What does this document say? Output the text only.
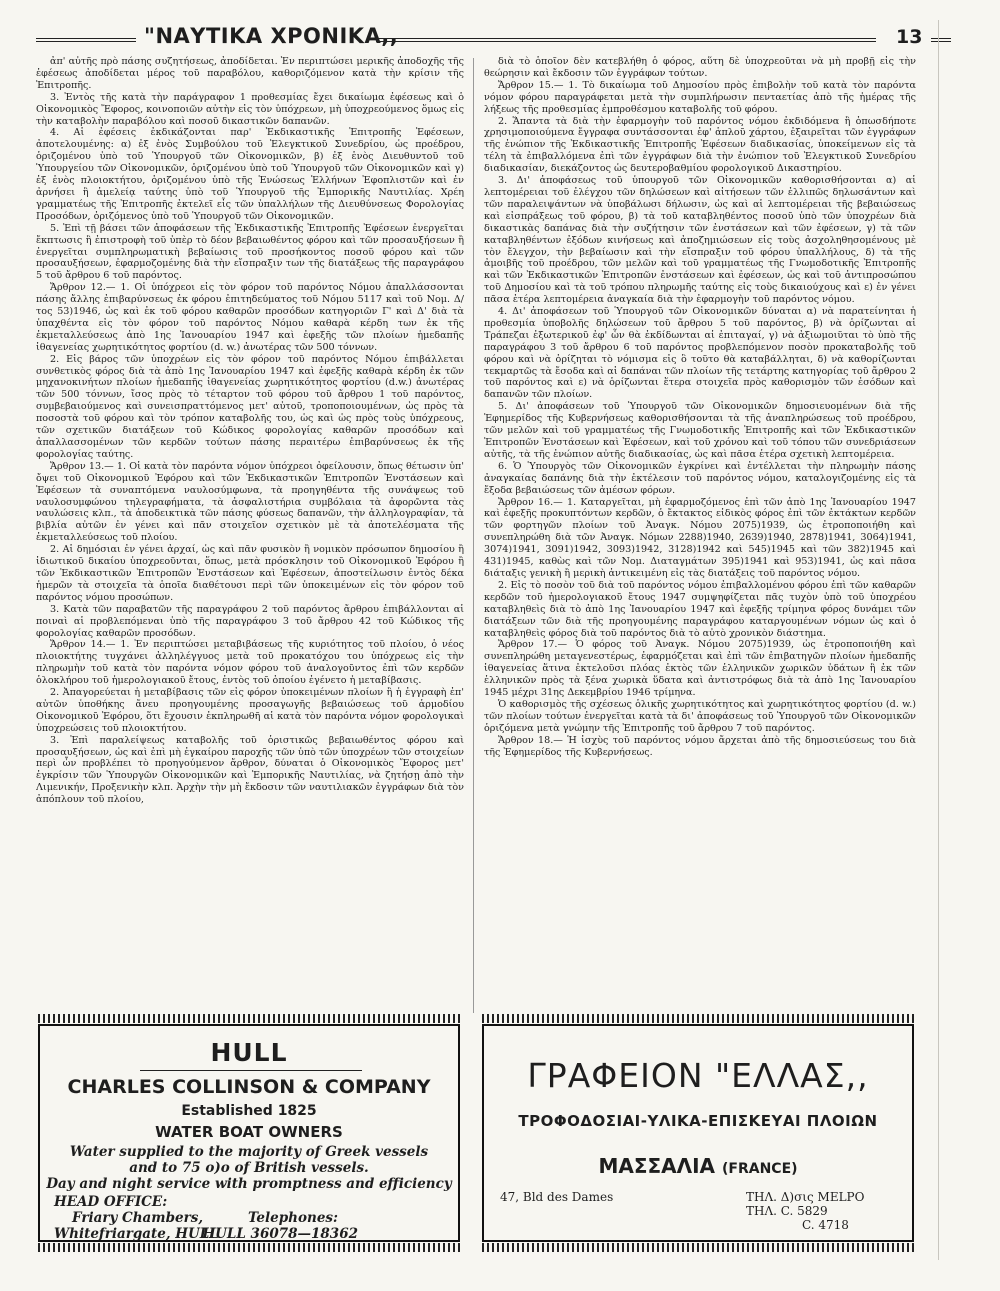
"ΝΑΥΤΙΚΑ ΧΡΟΝΙΚΑ,,	13

ἀπ' αὐτῆς πρὸ πάσης συζητήσεως, ἀποδίδεται. Ἐν περιπτώσει μερικῆς ἀποδοχῆς τῆς ἐφέσεως ἀποδίδεται μέρος τοῦ παραβόλου, καθοριζόμενον κατὰ τὴν κρίσιν τῆς Ἐπιτροπῆς.

3. Ἐντὸς τῆς κατὰ τὴν παράγραφον 1 προθεσμίας ἔχει δικαίωμα ἐφέσεως καὶ ὁ Οἰκονομικὸς Ἔφορος, κοινοποιῶν αὐτὴν εἰς τὸν ὑπόχρεων, μὴ ὑποχρεούμενος ὅμως εἰς τὴν καταβολὴν παραβόλου καὶ ποσοῦ δικαστικῶν δαπανῶν.

4. Αἱ ἐφέσεις ἐκδικάζονται παρ' Ἐκδικαστικῆς Ἐπιτροπῆς Ἐφέσεων, ἀποτελουμένης: α) ἐξ ἑνὸς Συμβούλου τοῦ Ἐλεγκτικοῦ Συνεδρίου, ὡς προέδρου, ὁριζομένου ὑπὸ τοῦ Ὑπουργοῦ τῶν Οἰκονομικῶν, β) ἐξ ἑνὸς Διευθυντοῦ τοῦ Ὑπουργείου τῶν Οἰκονομικῶν, ὁριζομένου ὑπὸ τοῦ Ὑπουργοῦ τῶν Οἰκονομικῶν καὶ γ) ἐξ ἑνὸς πλοιοκτήτου, ὁριζομένου ὑπὸ τῆς Ἑνώσεως Ἑλλήνων Ἐφοπλιστῶν καὶ ἐν ἀρνήσει ἢ ἀμελείᾳ ταύτης ὑπὸ τοῦ Ὑπουργοῦ τῆς Ἐμπορικῆς Ναυτιλίας. Χρέη γραμματέως τῆς Ἐπιτροπῆς ἐκτελεῖ εἷς τῶν ὑπαλλήλων τῆς Διευθύνσεως Φορολογίας Προσόδων, ὁριζόμενος ὑπὸ τοῦ Ὑπουργοῦ τῶν Οἰκονομικῶν.

5. Ἐπὶ τῇ βάσει τῶν ἀποφάσεων τῆς Ἐκδικαστικῆς Ἐπιτροπῆς Ἐφέσεων ἐνεργεῖται ἔκπτωσις ἢ ἐπιστροφὴ τοῦ ὑπὲρ τὸ δέον βεβαιωθέντος φόρου καὶ τῶν προσαυξήσεων ἢ ἐνεργεῖται συμπληρωματικὴ βεβαίωσις τοῦ προσήκοντος ποσοῦ φόρου καὶ τῶν προσαυξήσεων, ἐφαρμοζομένης διὰ τὴν εἴσπραξιν των τῆς διατάξεως τῆς παραγράφου 5 τοῦ ἄρθρου 6 τοῦ παρόντος.

Ἄρθρον 12.— 1. Οἱ ὑπόχρεοι εἰς τὸν φόρον τοῦ παρόντος Νόμου ἀπαλλάσσονται πάσης ἄλλης ἐπιβαρύνσεως ἐκ φόρου ἐπιτηδεύματος τοῦ Νόμου 5117 καὶ τοῦ Νομ. Δ/τος 53)1946, ὡς καὶ ἐκ τοῦ φόρου καθαρῶν προσόδων κατηγοριῶν Γ' καὶ Δ' διὰ τὰ ὑπαχθέντα εἰς τὸν φόρον τοῦ παρόντος Νόμου καθαρὰ κέρδη των ἐκ τῆς ἐκμεταλλεύσεως ἀπὸ 1ης Ἰανουαρίου 1947 καὶ ἐφεξῆς τῶν πλοίων ἡμεδαπῆς ἰθαγενείας χωρητικότητος φορτίου (d. w.) ἀνωτέρας τῶν 500 τόννων.

2. Εἰς βάρος τῶν ὑποχρέων εἰς τὸν φόρον τοῦ παρόντος Νόμου ἐπιβάλλεται συνθετικὸς φόρος διὰ τὰ ἀπὸ 1ης Ἰανουαρίου 1947 καὶ ἐφεξῆς καθαρὰ κέρδη ἐκ τῶν μηχανοκινήτων πλοίων ἡμεδαπῆς ἰθαγενείας χωρητικότητος φορτίου (d.w.) ἀνωτέρας τῶν 500 τόννων, ἴσος πρὸς τὸ τέταρτον τοῦ φόρου τοῦ ἄρθρου 1 τοῦ παρόντος, συμβεβαιούμενος καὶ συνεισπραττόμενος μετ' αὐτοῦ, τροποποιουμένων, ὡς πρὸς τὰ ποσοστὰ τοῦ φόρου καὶ τὸν τρόπον καταβολῆς του, ὡς καὶ ὡς πρὸς τοὺς ὑπόχρεους, τῶν σχετικῶν διατάξεων τοῦ Κώδικος φορολογίας καθαρῶν προσόδων καὶ ἀπαλλασσομένων τῶν κερδῶν τούτων πάσης περαιτέρω ἐπιβαρύνσεως ἐκ τῆς φορολογίας ταύτης.

Ἄρθρον 13.— 1. Οἱ κατὰ τὸν παρόντα νόμον ὑπόχρεοι ὀφείλουσιν, ὅπως θέτωσιν ὑπ' ὄψει τοῦ Οἰκονομικοῦ Ἐφόρου καὶ τῶν Ἐκδικαστικῶν Ἐπιτροπῶν Ἐνστάσεων καὶ Ἐφέσεων τὰ συναπτόμενα ναυλοσύμφωνα, τὰ προηγηθέντα τῆς συνάψεως τοῦ ναυλοσυμφώνου τηλεγραφήματα, τὰ ἀσφαλιστήρια συμβόλαια τὰ ἀφορῶντα τὰς ναυλώσεις κλπ., τὰ ἀποδεικτικὰ τῶν πάσης φύσεως δαπανῶν, τὴν ἀλληλογραφίαν, τὰ βιβλία αὐτῶν ἐν γένει καὶ πᾶν στοιχεῖον σχετικὸν μὲ τὰ ἀποτελέσματα τῆς ἐκμεταλλεύσεως τοῦ πλοίου.

2. Αἱ δημόσιαι ἐν γένει ἀρχαί, ὡς καὶ πᾶν φυσικὸν ἢ νομικὸν πρόσωπον δημοσίου ἢ ἰδιωτικοῦ δικαίου ὑποχρεοῦνται, ὅπως, μετὰ πρόσκλησιν τοῦ Οἰκονομικοῦ Ἐφόρου ἢ τῶν Ἐκδικαστικῶν Ἐπιτροπῶν Ἐνστάσεων καὶ Ἐφέσεων, ἀποστείλωσιν ἐντὸς δέκα ἡμερῶν τὰ στοιχεῖα τὰ ὁποῖα διαθέτουσι περὶ τῶν ὑποκειμένων εἰς τὸν φόρον τοῦ παρόντος νόμου προσώπων.

3. Κατὰ τῶν παραβατῶν τῆς παραγράφου 2 τοῦ παρόντος ἄρθρου ἐπιβάλλονται αἱ ποιναὶ αἱ προβλεπόμεναι ὑπὸ τῆς παραγράφου 3 τοῦ ἄρθρου 42 τοῦ Κώδικος τῆς φορολογίας καθαρῶν προσόδων.

Ἄρθρον 14.— 1. Ἐν περιπτώσει μεταβιβάσεως τῆς κυριότητος τοῦ πλοίου, ὁ νέος πλοιοκτήτης τυγχάνει ἀλληλέγγυος μετὰ τοῦ προκατόχου του ὑπόχρεως εἰς τὴν πληρωμὴν τοῦ κατὰ τὸν παρόντα νόμον φόρου τοῦ ἀναλογοῦντος ἐπὶ τῶν κερδῶν ὁλοκλήρου τοῦ ἡμερολογιακοῦ ἔτους, ἐντὸς τοῦ ὁποίου ἐγένετο ἡ μεταβίβασις.

2. Ἀπαγορεύεται ἡ μεταβίβασις τῶν εἰς φόρον ὑποκειμένων πλοίων ἢ ἡ ἐγγραφὴ ἐπ' αὐτῶν ὑποθήκης ἄνευ προηγουμένης προσαγωγῆς βεβαιώσεως τοῦ ἁρμοδίου Οἰκονομικοῦ Ἐφόρου, ὅτι ἔχουσιν ἐκπληρωθῆ αἱ κατὰ τὸν παρόντα νόμον φορολογικαὶ ὑποχρεώσεις τοῦ πλοιοκτήτου.

3. Ἐπὶ παραλείψεως καταβολῆς τοῦ ὁριστικῶς βεβαιωθέντος φόρου καὶ προσαυξήσεων, ὡς καὶ ἐπὶ μὴ ἐγκαίρου παροχῆς τῶν ὑπὸ τῶν ὑποχρέων τῶν στοιχείων περὶ ὧν προβλέπει τὸ προηγούμενον ἄρθρον, δύναται ὁ Οἰκονομικὸς Ἔφορος μετ' ἐγκρίσιν τῶν Ὑπουργῶν Οἰκονομικῶν καὶ Ἐμπορικῆς Ναυτιλίας, νὰ ζητήσῃ ἀπὸ τὴν Λιμενικήν, Προξενικὴν κλπ. Ἀρχὴν τὴν μὴ ἔκδοσιν τῶν ναυτιλιακῶν ἐγγράφων διὰ τὸν ἀπόπλουν τοῦ πλοίου,

διὰ τὸ ὁποῖον δὲν κατεβλήθη ὁ φόρος, αὕτη δὲ ὑποχρεοῦται νὰ μὴ προβῇ εἰς τὴν θεώρησιν καὶ ἔκδοσιν τῶν ἐγγράφων τούτων.

Ἄρθρον 15.— 1. Τὸ δικαίωμα τοῦ Δημοσίου πρὸς ἐπιβολὴν τοῦ κατὰ τὸν παρόντα νόμον φόρου παραγράφεται μετὰ τὴν συμπλήρωσιν πενταετίας ἀπὸ τῆς ἡμέρας τῆς λήξεως τῆς προθεσμίας ἐμπροθέσμου καταβολῆς τοῦ φόρου.

2. Ἅπαντα τὰ διὰ τὴν ἐφαρμογὴν τοῦ παρόντος νόμου ἐκδιδόμενα ἢ ὁπωσδήποτε χρησιμοποιούμενα ἔγγραφα συντάσσονται ἐφ' ἁπλοῦ χάρτου, ἐξαιρεῖται τῶν ἐγγράφων τῆς ἐνώπιον τῆς Ἐκδικαστικῆς Ἐπιτροπῆς Ἐφέσεων διαδικασίας, ὑποκείμενων εἰς τὰ τέλη τὰ ἐπιβαλλόμενα ἐπὶ τῶν ἐγγράφων διὰ τὴν ἐνώπιον τοῦ Ἐλεγκτικοῦ Συνεδρίου διαδικασίαν, διεκάζοντος ὡς δευτεροβαθμίου φορολογικοῦ Δικαστηρίου.

3. Δι' ἀποφάσεως τοῦ ὑπουργοῦ τῶν Οἰκονομικῶν καθορισθήσονται α) αἱ λεπτομέρειαι τοῦ ἐλέγχου τῶν δηλώσεων καὶ αἰτήσεων τῶν ἐλλιπῶς δηλωσάντων καὶ τῶν παραλειψάντων νὰ ὑποβάλωσι δήλωσιν, ὡς καὶ αἱ λεπτομέρειαι τῆς βεβαιώσεως καὶ εἰσπράξεως τοῦ φόρου, β) τὰ τοῦ καταβληθέντος ποσοῦ ὑπὸ τῶν ὑποχρέων διὰ δικαστικὰς δαπάνας διὰ τὴν συζήτησιν τῶν ἐνστάσεων καὶ τῶν ἐφέσεων, γ) τὰ τῶν καταβληθέντων ἐξόδων κινήσεως καὶ ἀποζημιώσεων εἰς τοὺς ἀσχοληθησομένους μὲ τὸν ἔλεγχον, τὴν βεβαίωσιν καὶ τὴν εἴσπραξιν τοῦ φόρου ὑπαλλήλους, δ) τὰ τῆς ἀμοιβῆς τοῦ προέδρου, τῶν μελῶν καὶ τοῦ γραμματέως τῆς Γνωμοδοτικῆς Ἐπιτροπῆς καὶ τῶν Ἐκδικαστικῶν Ἐπιτροπῶν ἐνστάσεων καὶ ἐφέσεων, ὡς καὶ τοῦ ἀντιπροσώπου τοῦ Δημοσίου καὶ τὰ τοῦ τρόπου πληρωμῆς ταύτης εἰς τοὺς δικαιούχους καὶ ε) ἐν γένει πᾶσα ἑτέρα λεπτομέρεια ἀναγκαία διὰ τὴν ἐφαρμογὴν τοῦ παρόντος νόμου.

4. Δι' ἀποφάσεων τοῦ Ὑπουργοῦ τῶν Οἰκονομικῶν δύναται α) νὰ παρατείνηται ἡ προθεσμία ὑποβολῆς δηλώσεων τοῦ ἄρθρου 5 τοῦ παρόντος, β) νὰ ὁρίζωνται αἱ Τράπεζαι ἐξωτερικοῦ ἐφ' ὧν θὰ ἐκδίδωνται αἱ ἐπιταγαί, γ) νὰ ἀξιωμοιῦται τὸ ὑπὸ τῆς παραγράφου 3 τοῦ ἄρθρου 6 τοῦ παρόντος προβλεπόμενον ποσὸν προκαταβολῆς τοῦ φόρου καὶ νὰ ὁρίζηται τὸ νόμισμα εἰς ὃ τοῦτο θὰ καταβάλληται, δ) νὰ καθορίζωνται τεκμαρτῶς τὰ ἔσοδα καὶ αἱ δαπάναι τῶν πλοίων τῆς τετάρτης κατηγορίας τοῦ ἄρθρου 2 τοῦ παρόντος καὶ ε) νὰ ὁρίζωνται ἕτερα στοιχεῖα πρὸς καθορισμὸν τῶν ἐσόδων καὶ δαπανῶν τῶν πλοίων.

5. Δι' ἀποφάσεων τοῦ Ὑπουργοῦ τῶν Οἰκονομικῶν δημοσιευομένων διὰ τῆς Ἐφημερίδος τῆς Κυβερνήσεως καθορισθήσονται τὰ τῆς ἀναπληρώσεως τοῦ προέδρου, τῶν μελῶν καὶ τοῦ γραμματέως τῆς Γνωμοδοτικῆς Ἐπιτροπῆς καὶ τῶν Ἐκδικαστικῶν Ἐπιτροπῶν Ἐνστάσεων καὶ Ἐφέσεων, καὶ τοῦ χρόνου καὶ τοῦ τόπου τῶν συνεδριάσεων αὐτῆς, τὰ τῆς ἐνώπιον αὐτῆς διαδικασίας, ὡς καὶ πᾶσα ἑτέρα σχετικὴ λεπτομέρεια.

6. Ὁ Ὑπουργὸς τῶν Οἰκονομικῶν ἐγκρίνει καὶ ἐντέλλεται τὴν πληρωμὴν πάσης ἀναγκαίας δαπάνης διὰ τὴν ἐκτέλεσιν τοῦ παρόντος νόμου, καταλογιζομένης εἰς τὰ ἔξοδα βεβαιώσεως τῶν ἀμέσων φόρων.

Ἄρθρον 16.— 1. Καταργεῖται, μὴ ἐφαρμοζόμενος ἐπὶ τῶν ἀπὸ 1ης Ἰανουαρίου 1947 καὶ ἐφεξῆς προκυπτόντων κερδῶν, ὁ ἔκτακτος εἰδικὸς φόρος ἐπὶ τῶν ἐκτάκτων κερδῶν τῶν φορτηγῶν πλοίων τοῦ Ἀναγκ. Νόμου 2075)1939, ὡς ἐτροποποιήθη καὶ συνεπληρώθη διὰ τῶν Ἀναγκ. Νόμων 2288)1940, 2639)1940, 2878)1941, 3064)1941, 3074)1941, 3091)1942, 3093)1942, 3128)1942 καὶ 545)1945 καὶ τῶν 382)1945 καὶ 431)1945, καθὼς καὶ τῶν Νομ. Διαταγμάτων 395)1941 καὶ 953)1941, ὡς καὶ πᾶσα διάταξις γενικὴ ἢ μερικὴ ἀντικειμένη εἰς τὰς διατάξεις τοῦ παρόντος νόμου.

2. Εἰς τὸ ποσὸν τοῦ διὰ τοῦ παρόντος νόμου ἐπιβαλλομένου φόρου ἐπὶ τῶν καθαρῶν κερδῶν τοῦ ἡμερολογιακοῦ ἔτους 1947 συμψηφίζεται πᾶς τυχὸν ὑπὸ τοῦ ὑποχρέου καταβληθεὶς διὰ τὸ ἀπὸ 1ης Ἰανουαρίου 1947 καὶ ἐφεξῆς τρίμηνα φόρος δυνάμει τῶν διατάξεων τῶν διὰ τῆς προηγουμένης παραγράφου καταργουμένων νόμων ὡς καὶ ὁ καταβληθεὶς φόρος διὰ τοῦ παρόντος διὰ τὸ αὐτὸ χρονικὸν διάστημα.

Ἄρθρον 17.— Ὁ φόρος τοῦ Ἀναγκ. Νόμου 2075)1939, ὡς ἐτροποποιήθη καὶ συνεπληρώθη μεταγενεστέρως, ἐφαρμόζεται καὶ ἐπὶ τῶν ἐπιβατηγῶν πλοίων ἡμεδαπῆς ἰθαγενείας ἅτινα ἐκτελοῦσι πλόας ἐκτὸς τῶν ἑλληνικῶν χωρικῶν ὑδάτων ἢ ἐκ τῶν ἑλληνικῶν πρὸς τὰ ξένα χωρικὰ ὕδατα καὶ ἀντιστρόφως διὰ τὰ ἀπὸ 1ης Ἰανουαρίου 1945 μέχρι 31ης Δεκεμβρίου 1946 τρίμηνα.

Ὁ καθορισμὸς τῆς σχέσεως ὁλικῆς χωρητικότητος καὶ χωρητικότητος φορτίου (d. w.) τῶν πλοίων τούτων ἐνεργεῖται κατὰ τὰ δι' ἀποφάσεως τοῦ Ὑπουργοῦ τῶν Οἰκονομικῶν ὁριζόμενα μετὰ γνώμην τῆς Ἐπιτροπῆς τοῦ ἄρθρου 7 τοῦ παρόντος.

Ἄρθρον 18.— Ἡ ἰσχὺς τοῦ παρόντος νόμου ἄρχεται ἀπὸ τῆς δημοσιεύσεως του διὰ τῆς Ἐφημερίδος τῆς Κυβερνήσεως.

HULL
CHARLES COLLINSON & COMPANY
Established 1825
WATER BOAT OWNERS
Water supplied to the majority of Greek vessels
and to 75 o)o of British vessels.
Day and night service with promptness and efficiency
HEAD OFFICE:
Friary Chambers,
Whitefriargate, HULL
Telephones:
HULL 36078—18362
ΓΡΑΦΕΙΟΝ "ΕΛΛΑΣ,,
ΤΡΟΦΟΔΟΣΙΑΙ-ΥΛΙΚΑ-ΕΠΙΣΚΕΥΑΙ ΠΛΟΙΩΝ
ΜΑΣΣΑΛΙΑ (FRANCE)
47, Bld des Dames	ΤΗΛ. Δ)σις MELPO
ΤΗΛ. C. 5829
C. 4718
